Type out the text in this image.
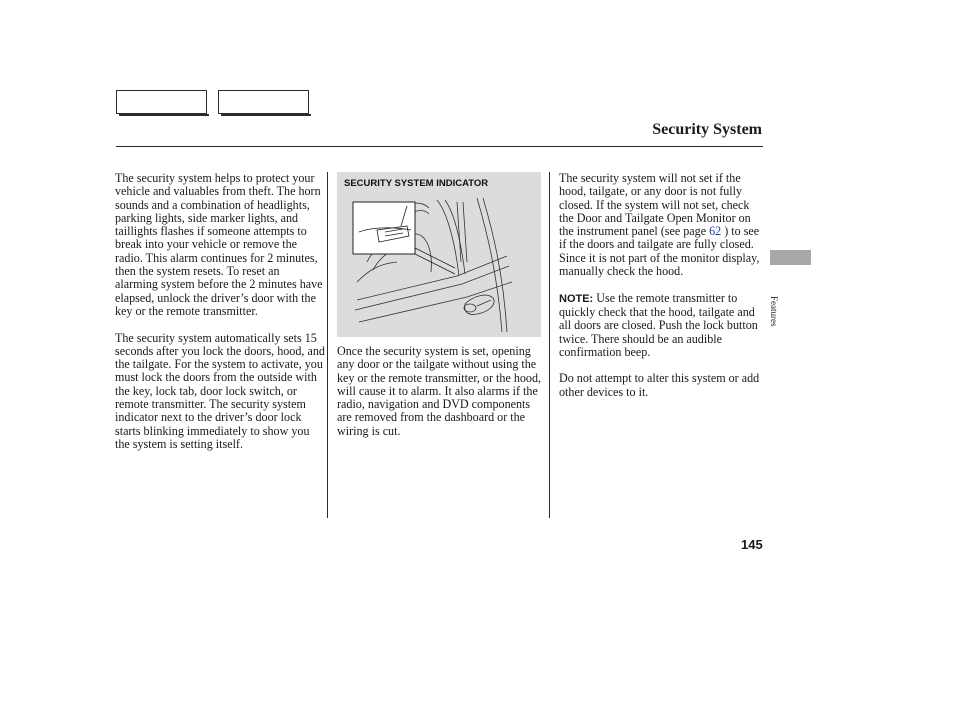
Security System

The security system helps to protect your vehicle and valuables from theft. The horn sounds and a combination of headlights, parking lights, side marker lights, and taillights flashes if someone attempts to break into your vehicle or remove the radio. This alarm continues for 2 minutes, then the system resets. To reset an alarming system before the 2 minutes have elapsed, unlock the driver’s door with the key or the remote transmitter.

The security system automatically sets 15 seconds after you lock the doors, hood, and the tailgate. For the system to activate, you must lock the doors from the outside with the key, lock tab, door lock switch, or remote transmitter. The security system indicator next to the driver’s door lock starts blinking immediately to show you the system is setting itself.

SECURITY SYSTEM INDICATOR

Once the security system is set, opening any door or the tailgate without using the key or the remote transmitter, or the hood, will cause it to alarm. It also alarms if the radio, navigation and DVD components are removed from the dashboard or the wiring is cut.

The security system will not set if the hood, tailgate, or any door is not fully closed. If the system will not set, check the Door and Tailgate Open Monitor on the instrument panel (see page 62 ) to see if the doors and tailgate are fully closed. Since it is not part of the monitor display, manually check the hood.

NOTE: Use the remote transmitter to quickly check that the hood, tailgate and all doors are closed. Push the lock button twice. There should be an audible confirmation beep.

Do not attempt to alter this system or add other devices to it.

Features
145
